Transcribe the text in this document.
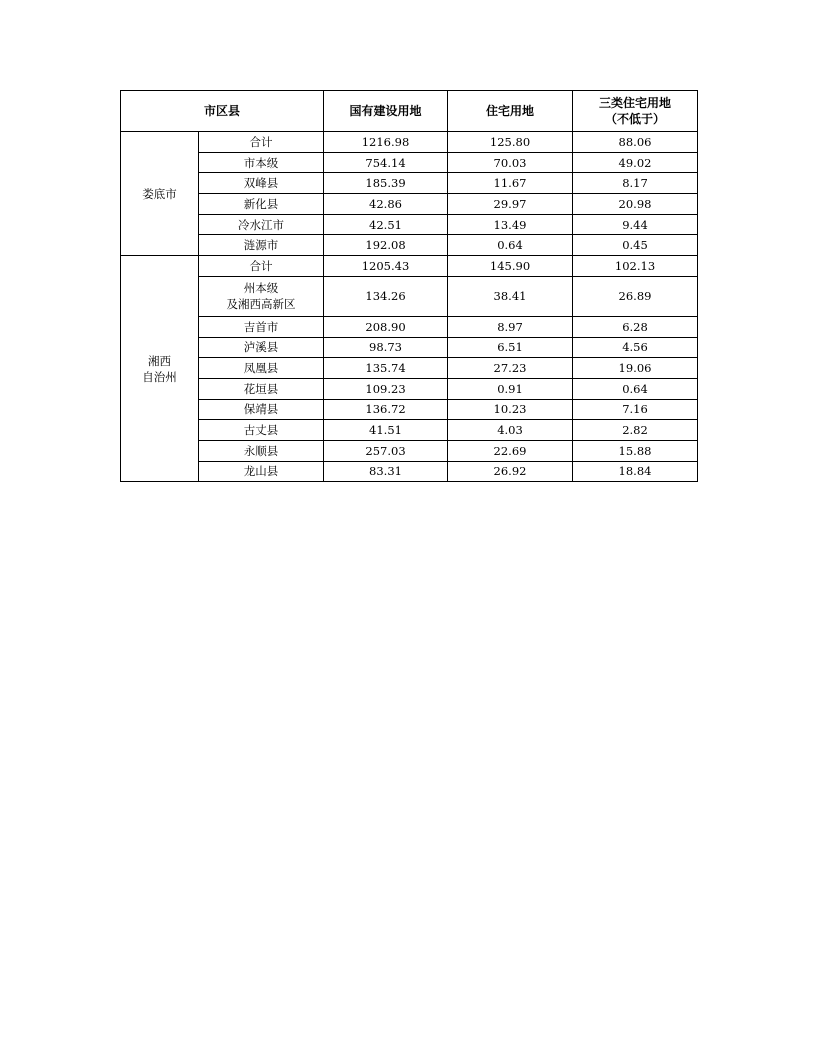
市区县		国有建设用地	住宅用地	三类住宅用地
（不低于）

娄底市	合计	1216.98	125.80	88.06
	市本级	754.14	70.03	49.02
	双峰县	185.39	11.67	8.17
	新化县	42.86	29.97	20.98
	冷水江市	42.51	13.49	9.44
	涟源市	192.08	0.64	0.45

湘西
自治州	合计	1205.43	145.90	102.13

	州本级
及湘西高新区	134.26	38.41	26.89
	吉首市	208.90	8.97	6.28
	泸溪县	98.73	6.51	4.56
	凤凰县	135.74	27.23	19.06
	花垣县	109.23	0.91	0.64
	保靖县	136.72	10.23	7.16
	古丈县	41.51	4.03	2.82
	永顺县	257.03	22.69	15.88
	龙山县	83.31	26.92	18.84
